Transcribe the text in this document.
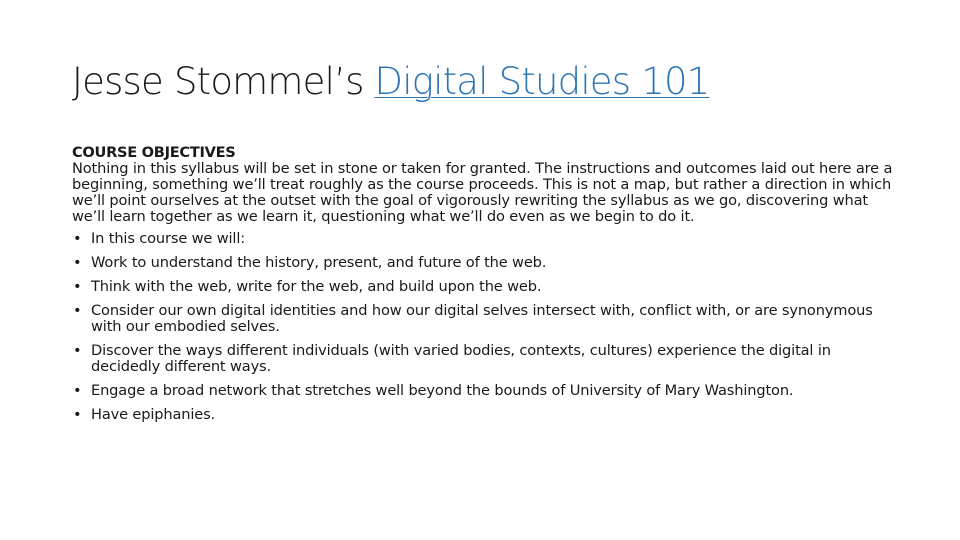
Jesse Stommel’s Digital Studies 101
COURSE OBJECTIVES

Nothing in this syllabus will be set in stone or taken for granted. The instructions and outcomes laid out here are a beginning, something we’ll treat roughly as the course proceeds. This is not a map, but rather a direction in which we’ll point ourselves at the outset with the goal of vigorously rewriting the syllabus as we go, discovering what we’ll learn together as we learn it, questioning what we’ll do even as we begin to do it.

• In this course we will:
• Work to understand the history, present, and future of the web.
• Think with the web, write for the web, and build upon the web.
• Consider our own digital identities and how our digital selves intersect with, conflict with, or are synonymous with our embodied selves.
• Discover the ways different individuals (with varied bodies, contexts, cultures) experience the digital in decidedly different ways.
• Engage a broad network that stretches well beyond the bounds of University of Mary Washington.
• Have epiphanies.
